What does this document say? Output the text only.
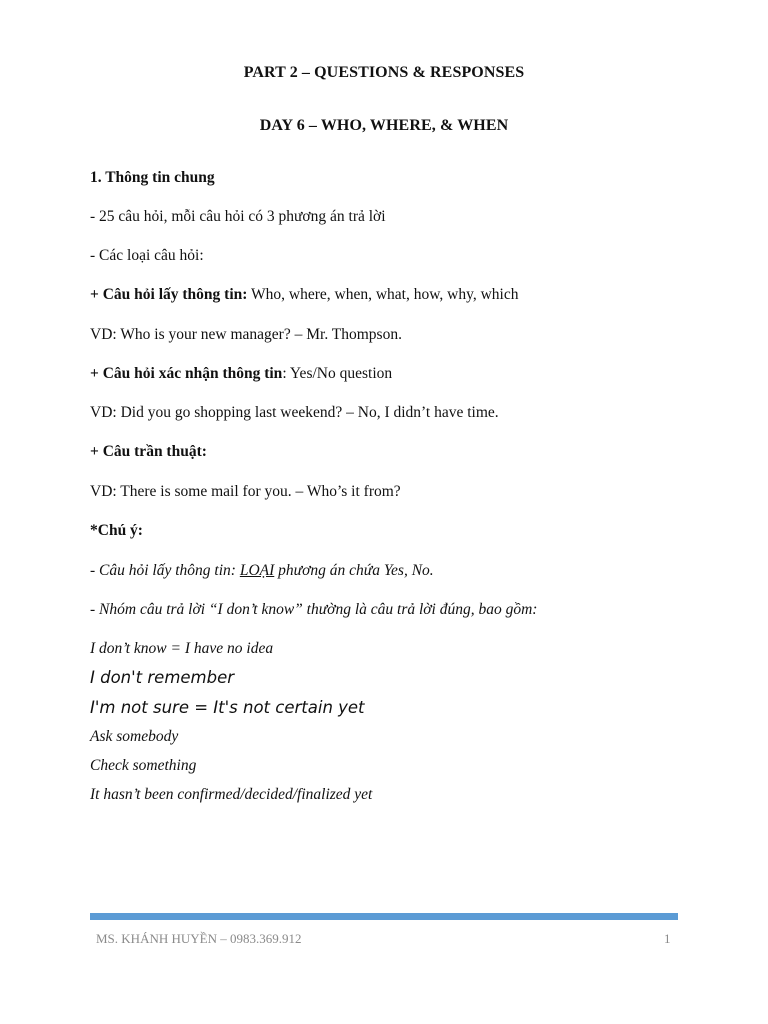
PART 2 – QUESTIONS & RESPONSES
DAY 6 – WHO, WHERE, & WHEN
1. Thông tin chung
- 25 câu hỏi, mỗi câu hỏi có 3 phương án trả lời
- Các loại câu hỏi:
+ Câu hỏi lấy thông tin: Who, where, when, what, how, why, which
VD: Who is your new manager? – Mr. Thompson.
+ Câu hỏi xác nhận thông tin: Yes/No question
VD: Did you go shopping last weekend? – No, I didn’t have time.
+ Câu trần thuật:
VD: There is some mail for you. – Who’s it from?
*Chú ý:
- Câu hỏi lấy thông tin: LOẠI phương án chứa Yes, No.
- Nhóm câu trả lời “I don’t know” thường là câu trả lời đúng, bao gồm:
I don’t know = I have no idea
I don't remember
I'm not sure = It's not certain yet
Ask somebody
Check something
It hasn’t been confirmed/decided/finalized yet
MS. KHÁNH HUYỀN – 0983.369.912	1
